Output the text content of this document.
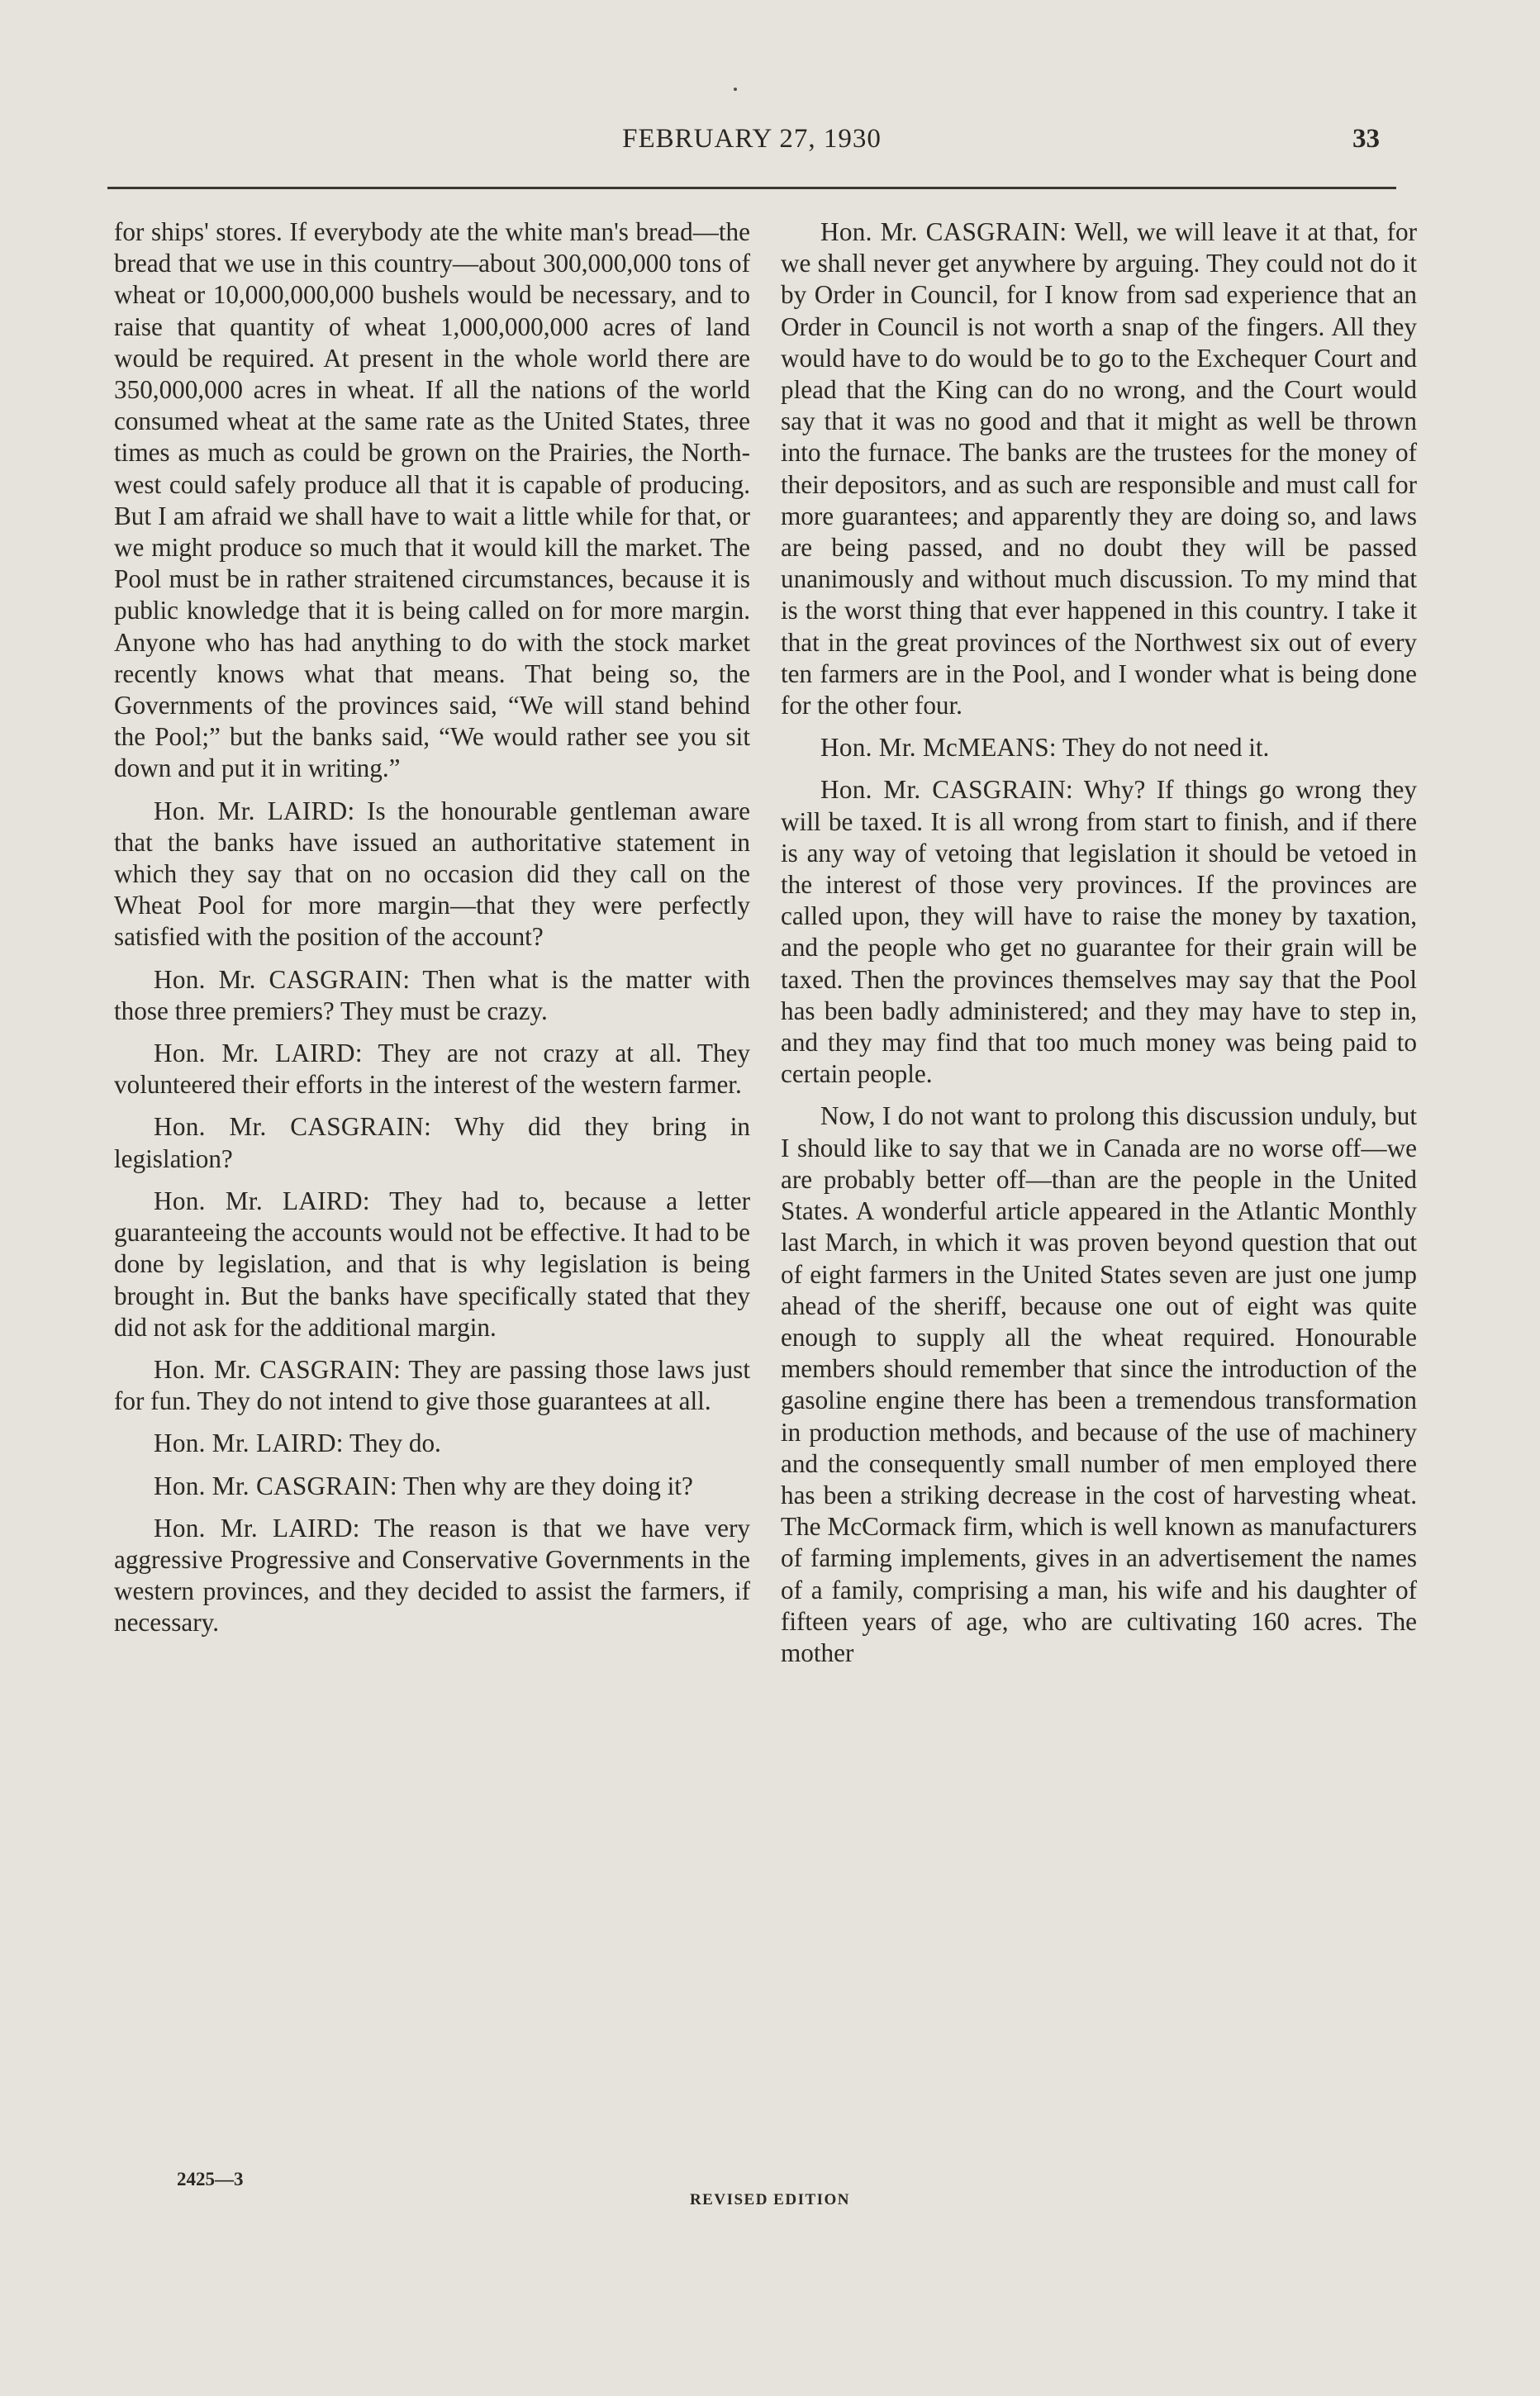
FEBRUARY 27, 1930	33

for ships' stores. If everybody ate the white man's bread—the bread that we use in this country—about 300,000,000 tons of wheat or 10,000,000,000 bushels would be necessary, and to raise that quantity of wheat 1,000,000,000 acres of land would be required. At present in the whole world there are 350,000,000 acres in wheat. If all the nations of the world consumed wheat at the same rate as the United States, three times as much as could be grown on the Prairies, the North-west could safely produce all that it is capable of producing. But I am afraid we shall have to wait a little while for that, or we might produce so much that it would kill the market. The Pool must be in rather straitened circumstances, because it is public knowledge that it is being called on for more margin. Anyone who has had anything to do with the stock market recently knows what that means. That being so, the Governments of the provinces said, “We will stand behind the Pool;” but the banks said, “We would rather see you sit down and put it in writing.”

Hon. Mr. LAIRD: Is the honourable gentleman aware that the banks have issued an authoritative statement in which they say that on no occasion did they call on the Wheat Pool for more margin—that they were perfectly satisfied with the position of the account?

Hon. Mr. CASGRAIN: Then what is the matter with those three premiers? They must be crazy.

Hon. Mr. LAIRD: They are not crazy at all. They volunteered their efforts in the interest of the western farmer.

Hon. Mr. CASGRAIN: Why did they bring in legislation?

Hon. Mr. LAIRD: They had to, because a letter guaranteeing the accounts would not be effective. It had to be done by legislation, and that is why legislation is being brought in. But the banks have specifically stated that they did not ask for the additional margin.

Hon. Mr. CASGRAIN: They are passing those laws just for fun. They do not intend to give those guarantees at all.

Hon. Mr. LAIRD: They do.

Hon. Mr. CASGRAIN: Then why are they doing it?

Hon. Mr. LAIRD: The reason is that we have very aggressive Progressive and Conservative Governments in the western provinces, and they decided to assist the farmers, if necessary.

Hon. Mr. CASGRAIN: Well, we will leave it at that, for we shall never get anywhere by arguing. They could not do it by Order in Council, for I know from sad experience that an Order in Council is not worth a snap of the fingers. All they would have to do would be to go to the Exchequer Court and plead that the King can do no wrong, and the Court would say that it was no good and that it might as well be thrown into the furnace. The banks are the trustees for the money of their depositors, and as such are responsible and must call for more guarantees; and apparently they are doing so, and laws are being passed, and no doubt they will be passed unanimously and without much discussion. To my mind that is the worst thing that ever happened in this country. I take it that in the great provinces of the Northwest six out of every ten farmers are in the Pool, and I wonder what is being done for the other four.

Hon. Mr. McMEANS: They do not need it.

Hon. Mr. CASGRAIN: Why? If things go wrong they will be taxed. It is all wrong from start to finish, and if there is any way of vetoing that legislation it should be vetoed in the interest of those very provinces. If the provinces are called upon, they will have to raise the money by taxation, and the people who get no guarantee for their grain will be taxed. Then the provinces themselves may say that the Pool has been badly administered; and they may have to step in, and they may find that too much money was being paid to certain people.

Now, I do not want to prolong this discussion unduly, but I should like to say that we in Canada are no worse off—we are probably better off—than are the people in the United States. A wonderful article appeared in the Atlantic Monthly last March, in which it was proven beyond question that out of eight farmers in the United States seven are just one jump ahead of the sheriff, because one out of eight was quite enough to supply all the wheat required. Honourable members should remember that since the introduction of the gasoline engine there has been a tremendous transformation in production methods, and because of the use of machinery and the consequently small number of men employed there has been a striking decrease in the cost of harvesting wheat. The McCormack firm, which is well known as manufacturers of farming implements, gives in an advertisement the names of a family, comprising a man, his wife and his daughter of fifteen years of age, who are cultivating 160 acres. The mother

2425—3
REVISED EDITION
